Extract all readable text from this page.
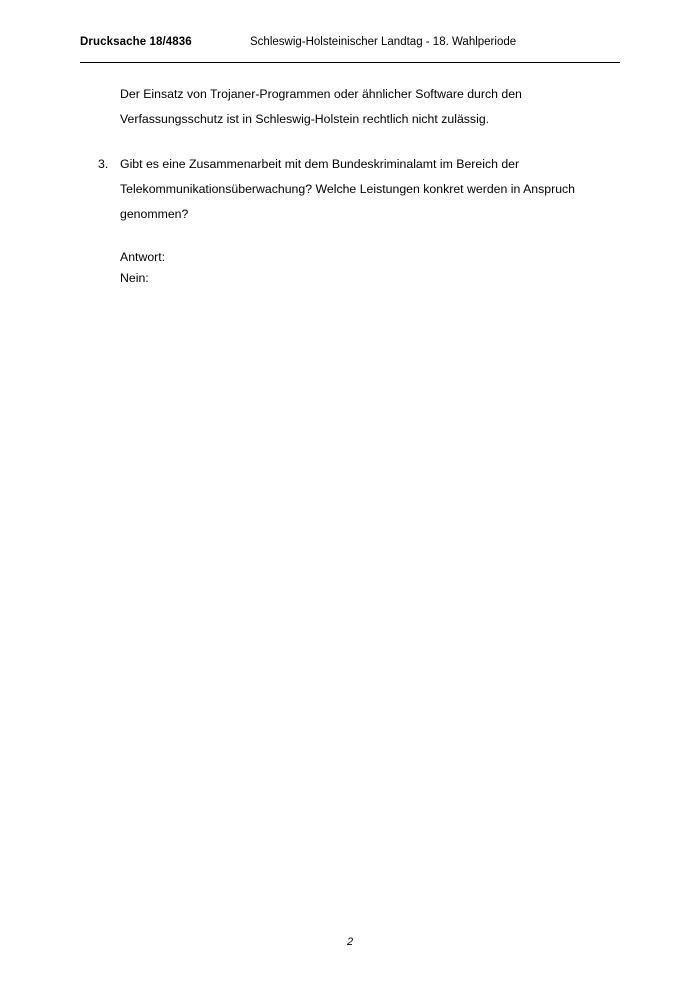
Drucksache 18/4836	Schleswig-Holsteinischer Landtag - 18. Wahlperiode

Der Einsatz von Trojaner-Programmen oder ähnlicher Software durch den Verfassungsschutz ist in Schleswig-Holstein rechtlich nicht zulässig.

3. Gibt es eine Zusammenarbeit mit dem Bundeskriminalamt im Bereich der Telekommunikationsüberwachung? Welche Leistungen konkret werden in Anspruch genommen?
Antwort:
Nein:
2
